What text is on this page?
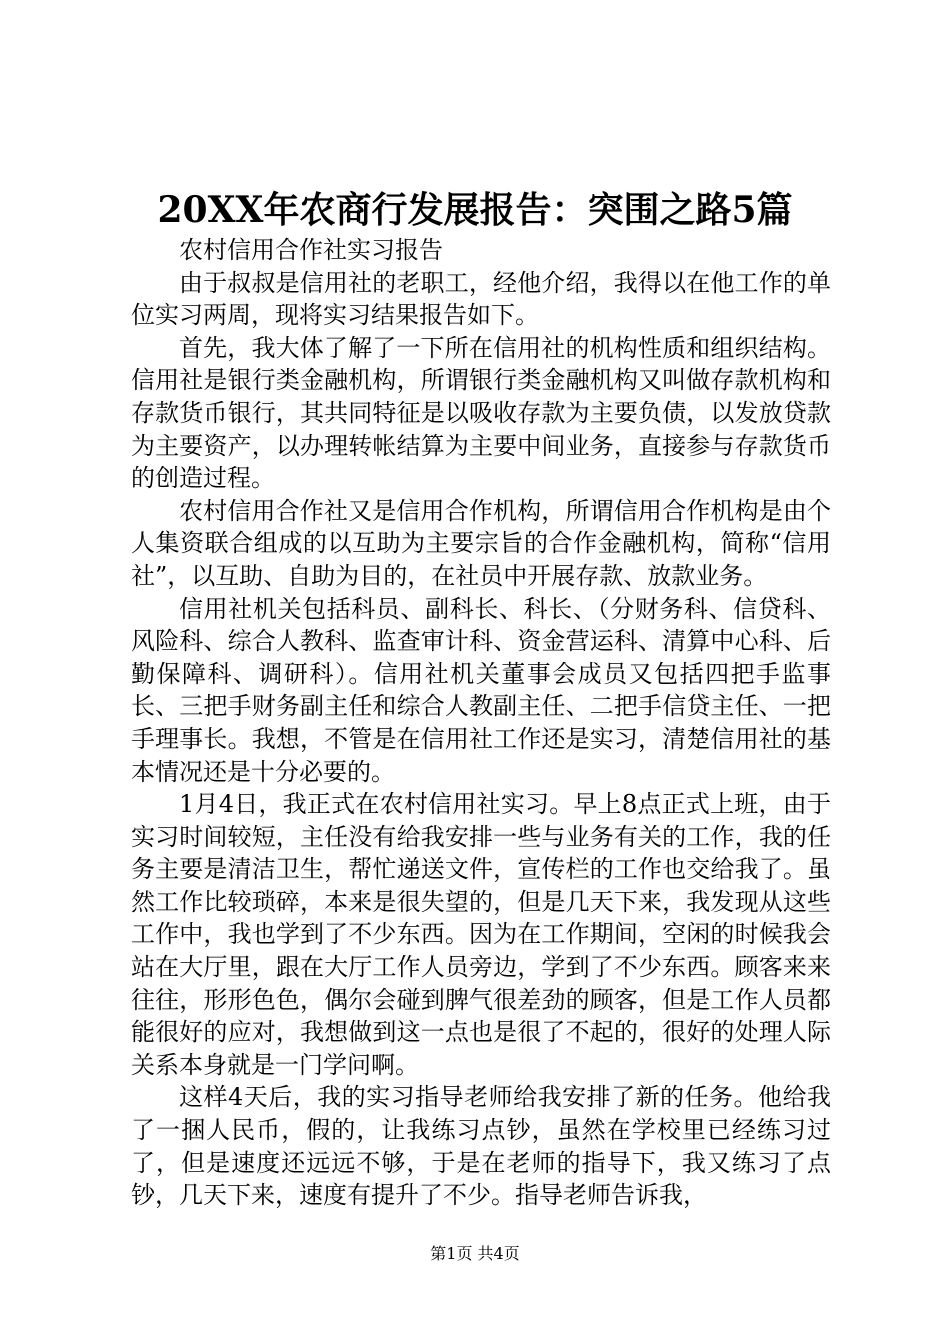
20XX年农商行发展报告：突围之路5篇

农村信用合作社实习报告

由于叔叔是信用社的老职工，经他介绍，我得以在他工作的单位实习两周，现将实习结果报告如下。

首先，我大体了解了一下所在信用社的机构性质和组织结构。信用社是银行类金融机构，所谓银行类金融机构又叫做存款机构和存款货币银行，其共同特征是以吸收存款为主要负债，以发放贷款为主要资产，以办理转帐结算为主要中间业务，直接参与存款货币的创造过程。

农村信用合作社又是信用合作机构，所谓信用合作机构是由个人集资联合组成的以互助为主要宗旨的合作金融机构，简称“信用社”，以互助、自助为目的，在社员中开展存款、放款业务。

信用社机关包括科员、副科长、科长、（分财务科、信贷科、风险科、综合人教科、监查审计科、资金营运科、清算中心科、后勤保障科、调研科）。信用社机关董事会成员又包括四把手监事长、三把手财务副主任和综合人教副主任、二把手信贷主任、一把手理事长。我想，不管是在信用社工作还是实习，清楚信用社的基本情况还是十分必要的。

1月4日，我正式在农村信用社实习。早上8点正式上班，由于实习时间较短，主任没有给我安排一些与业务有关的工作，我的任务主要是清洁卫生，帮忙递送文件，宣传栏的工作也交给我了。虽然工作比较琐碎，本来是很失望的，但是几天下来，我发现从这些工作中，我也学到了不少东西。因为在工作期间，空闲的时候我会站在大厅里，跟在大厅工作人员旁边，学到了不少东西。顾客来来往往，形形色色，偶尔会碰到脾气很差劲的顾客，但是工作人员都能很好的应对，我想做到这一点也是很了不起的，很好的处理人际关系本身就是一门学问啊。

这样4天后，我的实习指导老师给我安排了新的任务。他给我了一捆人民币，假的，让我练习点钞，虽然在学校里已经练习过了，但是速度还远远不够，于是在老师的指导下，我又练习了点钞，几天下来，速度有提升了不少。指导老师告诉我，

第1页 共4页
